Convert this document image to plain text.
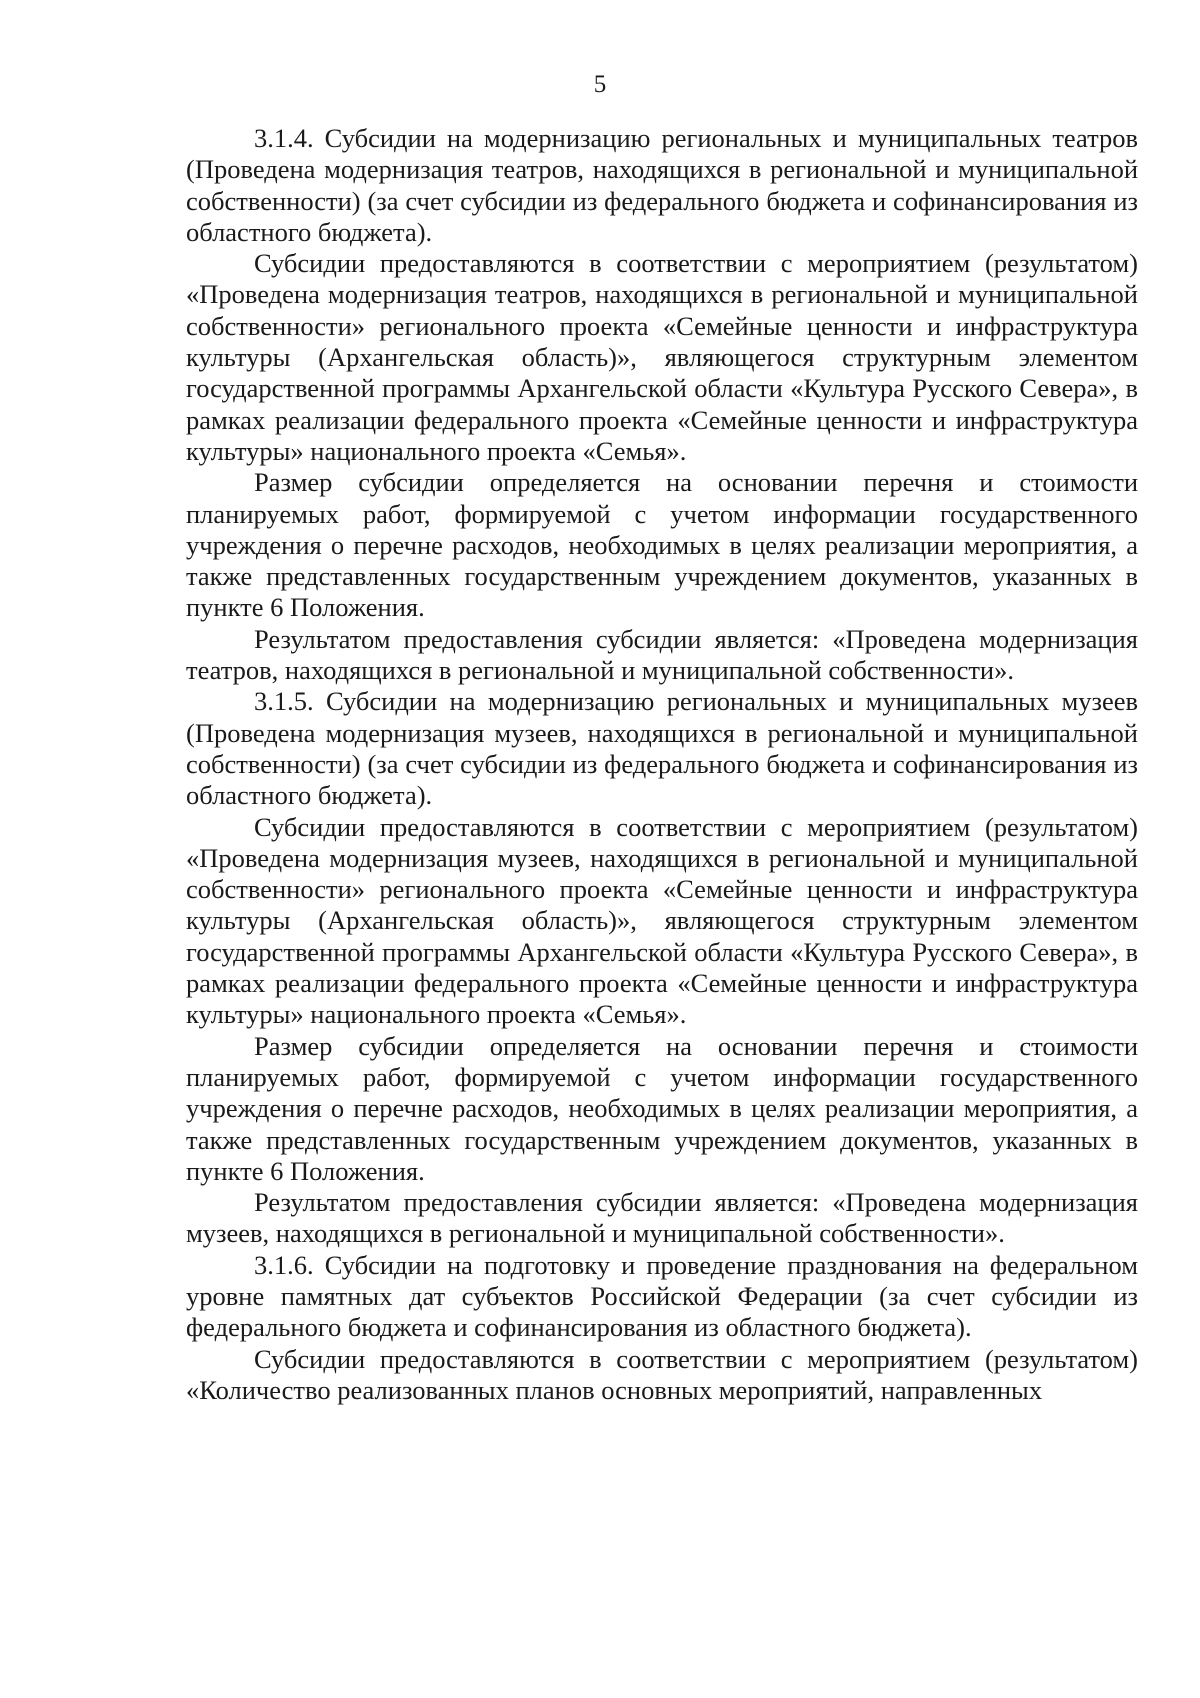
5

3.1.4. Субсидии на модернизацию региональных и муниципальных театров (Проведена модернизация театров, находящихся в региональной и муниципальной собственности) (за счет субсидии из федерального бюджета и софинансирования из областного бюджета).

Субсидии предоставляются в соответствии с мероприятием (результатом) «Проведена модернизация театров, находящихся в региональной и муниципальной собственности» регионального проекта «Семейные ценности и инфраструктура культуры (Архангельская область)», являющегося структурным элементом государственной программы Архангельской области «Культура Русского Севера», в рамках реализации федерального проекта «Семейные ценности и инфраструктура культуры» национального проекта «Семья».

Размер субсидии определяется на основании перечня и стоимости планируемых работ, формируемой с учетом информации государственного учреждения о перечне расходов, необходимых в целях реализации мероприятия, а также представленных государственным учреждением документов, указанных в пункте 6 Положения.

Результатом предоставления субсидии является: «Проведена модернизация театров, находящихся в региональной и муниципальной собственности».

3.1.5. Субсидии на модернизацию региональных и муниципальных музеев (Проведена модернизация музеев, находящихся в региональной и муниципальной собственности) (за счет субсидии из федерального бюджета и софинансирования из областного бюджета).

Субсидии предоставляются в соответствии с мероприятием (результатом) «Проведена модернизация музеев, находящихся в региональной и муниципальной собственности» регионального проекта «Семейные ценности и инфраструктура культуры (Архангельская область)», являющегося структурным элементом государственной программы Архангельской области «Культура Русского Севера», в рамках реализации федерального проекта «Семейные ценности и инфраструктура культуры» национального проекта «Семья».

Размер субсидии определяется на основании перечня и стоимости планируемых работ, формируемой с учетом информации государственного учреждения о перечне расходов, необходимых в целях реализации мероприятия, а также представленных государственным учреждением документов, указанных в пункте 6 Положения.

Результатом предоставления субсидии является: «Проведена модернизация музеев, находящихся в региональной и муниципальной собственности».

3.1.6. Субсидии на подготовку и проведение празднования на федеральном уровне памятных дат субъектов Российской Федерации (за счет субсидии из федерального бюджета и софинансирования из областного бюджета).

Субсидии предоставляются в соответствии с мероприятием (результатом) «Количество реализованных планов основных мероприятий, направленных
